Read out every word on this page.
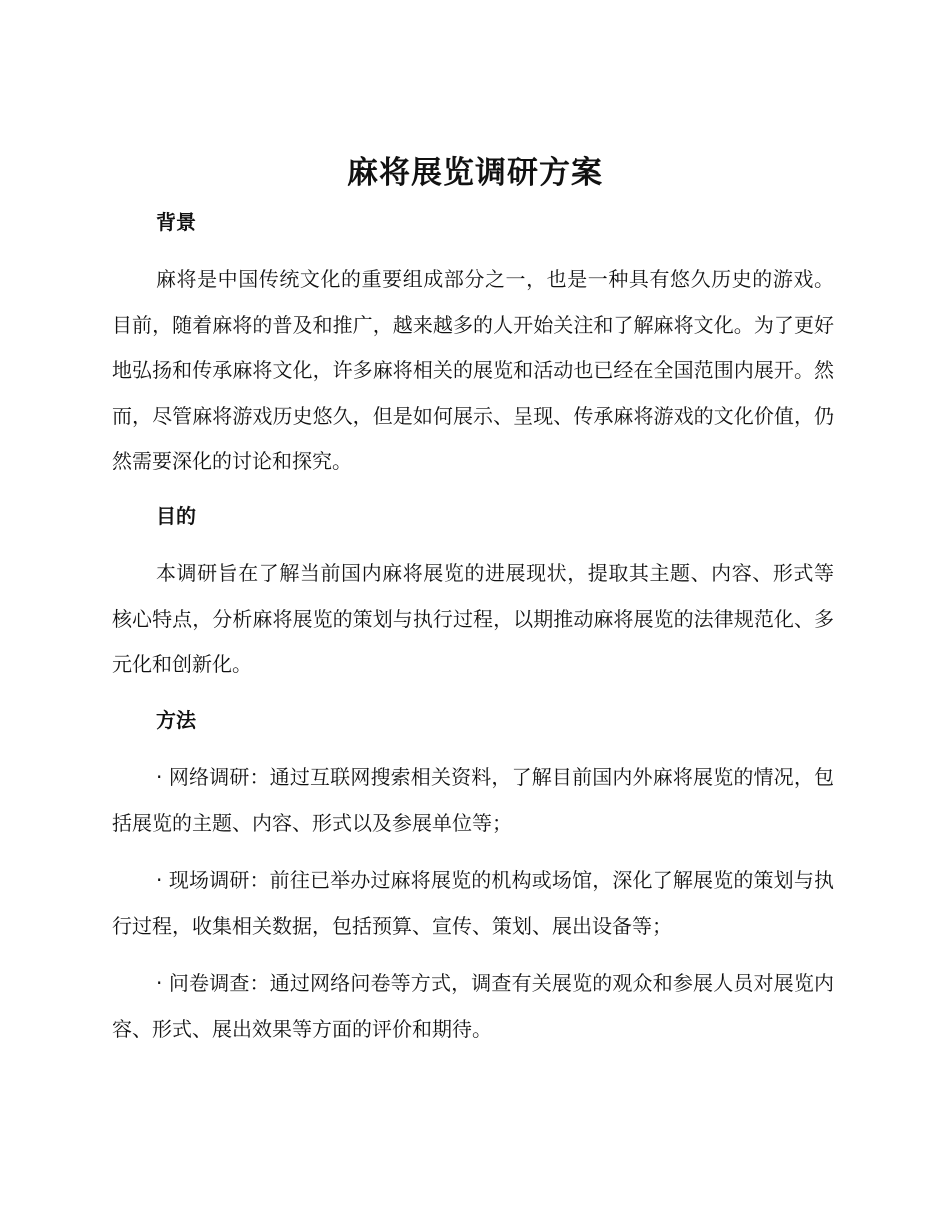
麻将展览调研方案
背景

麻将是中国传统文化的重要组成部分之一，也是一种具有悠久历史的游戏。目前，随着麻将的普及和推广，越来越多的人开始关注和了解麻将文化。为了更好地弘扬和传承麻将文化，许多麻将相关的展览和活动也已经在全国范围内展开。然而，尽管麻将游戏历史悠久，但是如何展示、呈现、传承麻将游戏的文化价值，仍然需要深化的讨论和探究。

目的

本调研旨在了解当前国内麻将展览的进展现状，提取其主题、内容、形式等核心特点，分析麻将展览的策划与执行过程，以期推动麻将展览的法律规范化、多元化和创新化。

方法

· 网络调研：通过互联网搜索相关资料，了解目前国内外麻将展览的情况，包括展览的主题、内容、形式以及参展单位等；

· 现场调研：前往已举办过麻将展览的机构或场馆，深化了解展览的策划与执行过程，收集相关数据，包括预算、宣传、策划、展出设备等；

· 问卷调查：通过网络问卷等方式，调查有关展览的观众和参展人员对展览内容、形式、展出效果等方面的评价和期待。
